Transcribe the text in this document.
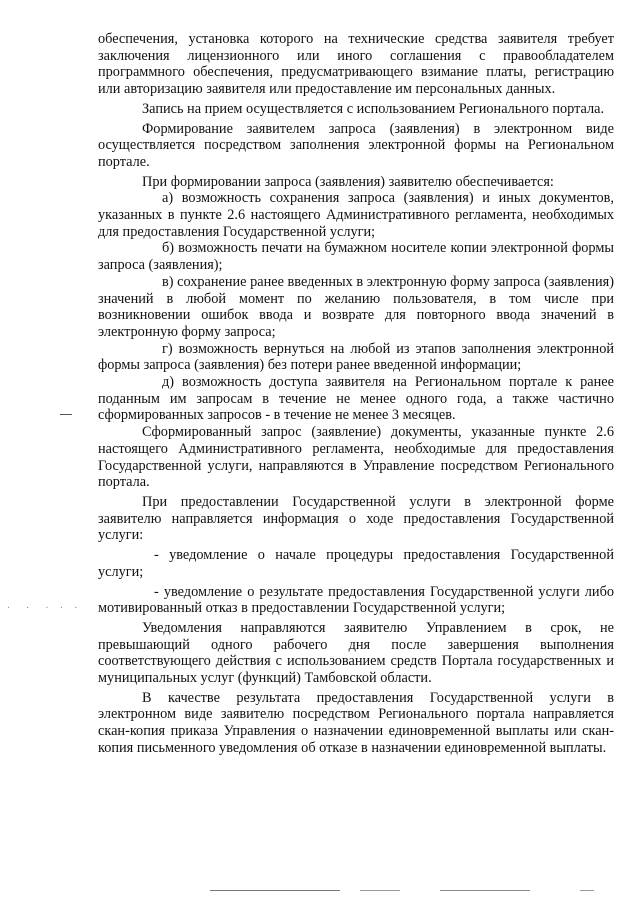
обеспечения, установка которого на технические средства заявителя требует заключения лицензионного или иного соглашения с правообладателем программного обеспечения, предусматривающего взимание платы, регистрацию или авторизацию заявителя или предоставление им персональных данных.

Запись на прием осуществляется с использованием Регионального портала.

Формирование заявителем запроса (заявления) в электронном виде осуществляется посредством заполнения электронной формы на Региональном портале.

При формировании запроса (заявления) заявителю обеспечивается:

а) возможность сохранения запроса (заявления) и иных документов, указанных в пункте 2.6 настоящего Административного регламента, необходимых для предоставления Государственной услуги;

б) возможность печати на бумажном носителе копии электронной формы запроса (заявления);

в) сохранение ранее введенных в электронную форму запроса (заявления) значений в любой момент по желанию пользователя, в том числе при возникновении ошибок ввода и возврате для повторного ввода значений в электронную форму запроса;

г) возможность вернуться на любой из этапов заполнения электронной формы запроса (заявления) без потери ранее введенной информации;

д) возможность доступа заявителя на Региональном портале к ранее поданным им запросам в течение не менее одного года, а также частично сформированных запросов - в течение не менее 3 месяцев.

Сформированный запрос (заявление) документы, указанные пункте 2.6 настоящего Административного регламента, необходимые для предоставления Государственной услуги, направляются в Управление посредством Регионального портала.

При предоставлении Государственной услуги в электронной форме заявителю направляется информация о ходе предоставления Государственной услуги:

- уведомление о начале процедуры предоставления Государственной услуги;

- уведомление о результате предоставления Государственной услуги либо мотивированный отказ в предоставлении Государственной услуги;

Уведомления направляются заявителю Управлением в срок, не превышающий одного рабочего дня после завершения выполнения соответствующего действия с использованием средств Портала государственных и муниципальных услуг (функций) Тамбовской области.

В качестве результата предоставления Государственной услуги в электронном виде заявителю посредством Регионального портала направляется скан-копия приказа Управления о назначении единовременной выплаты или скан-копия письменного уведомления об отказе в назначении единовременной выплаты.

.   .   .  .  .
